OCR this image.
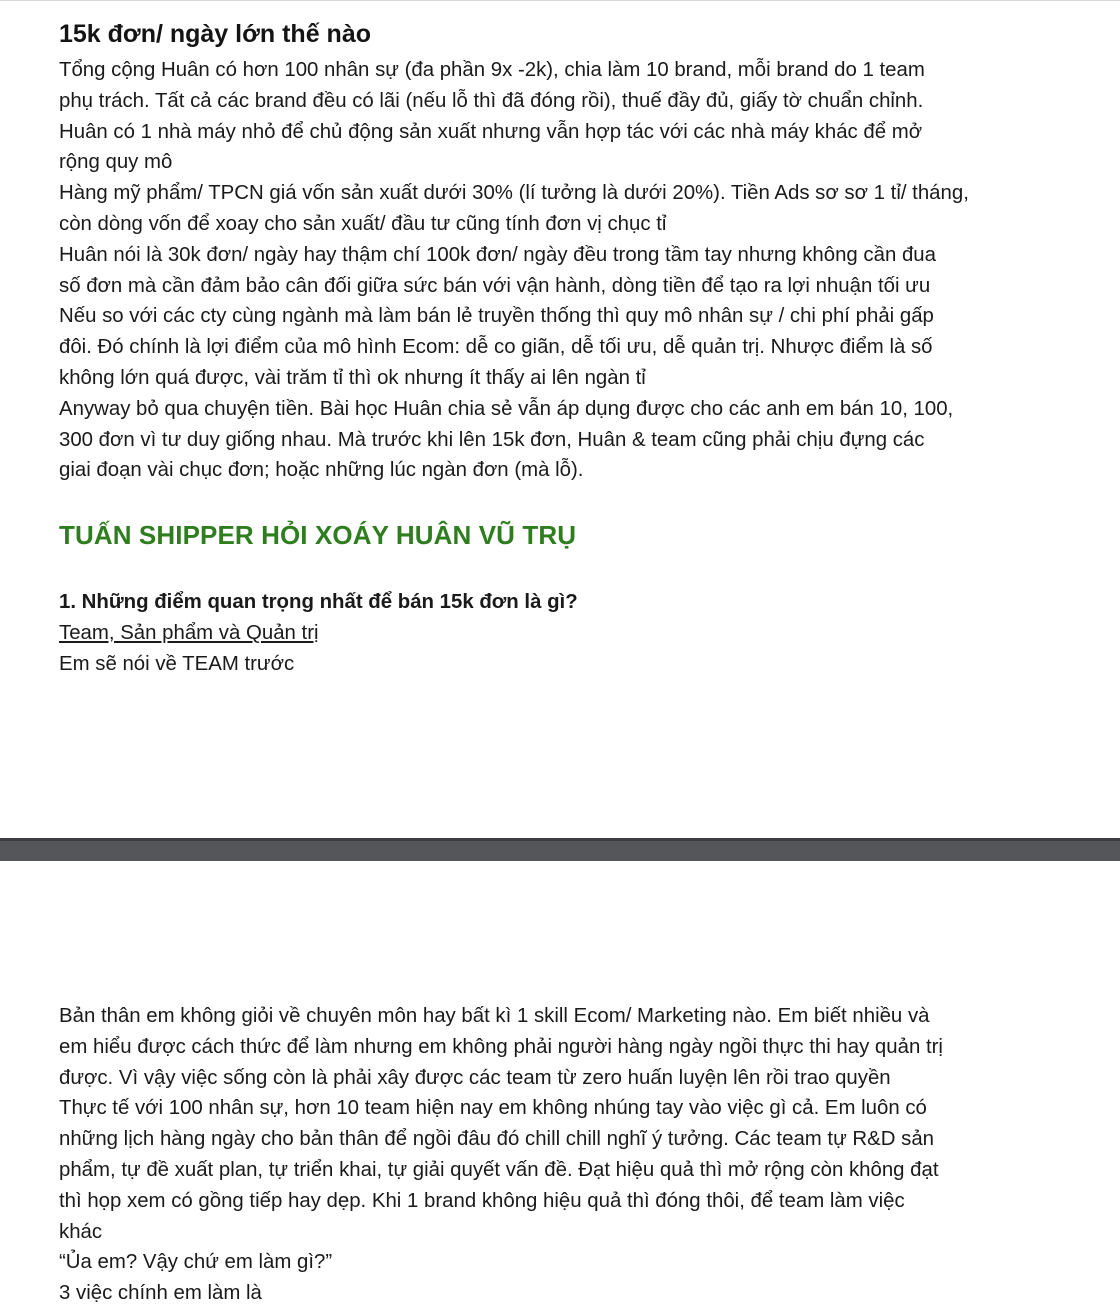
15k đơn/ ngày lớn thế nào
Tổng cộng Huân có hơn 100 nhân sự (đa phần 9x -2k), chia làm 10 brand, mỗi brand do 1 team
phụ trách. Tất cả các brand đều có lãi (nếu lỗ thì đã đóng rồi), thuế đầy đủ, giấy tờ chuẩn chỉnh.
Huân có 1 nhà máy nhỏ để chủ động sản xuất nhưng vẫn hợp tác với các nhà máy khác để mở
rộng quy mô
Hàng mỹ phẩm/ TPCN giá vốn sản xuất dưới 30% (lí tưởng là dưới 20%). Tiền Ads sơ sơ 1 tỉ/ tháng,
còn dòng vốn để xoay cho sản xuất/ đầu tư cũng tính đơn vị chục tỉ
Huân nói là 30k đơn/ ngày hay thậm chí 100k đơn/ ngày đều trong tầm tay nhưng không cần đua
số đơn mà cần đảm bảo cân đối giữa sức bán với vận hành, dòng tiền để tạo ra lợi nhuận tối ưu
Nếu so với các cty cùng ngành mà làm bán lẻ truyền thống thì quy mô nhân sự / chi phí phải gấp
đôi. Đó chính là lợi điểm của mô hình Ecom: dễ co giãn, dễ tối ưu, dễ quản trị. Nhược điểm là số
không lớn quá được, vài trăm tỉ thì ok nhưng ít thấy ai lên ngàn tỉ
Anyway bỏ qua chuyện tiền. Bài học Huân chia sẻ vẫn áp dụng được cho các anh em bán 10, 100,
300 đơn vì tư duy giống nhau. Mà trước khi lên 15k đơn, Huân & team cũng phải chịu đựng các
giai đoạn vài chục đơn; hoặc những lúc ngàn đơn (mà lỗ).
TUẤN SHIPPER HỎI XOÁY HUÂN VŨ TRỤ

1. Những điểm quan trọng nhất để bán 15k đơn là gì?

Team, Sản phẩm và Quản trị
Em sẽ nói về TEAM trước
Bản thân em không giỏi về chuyên môn hay bất kì 1 skill Ecom/ Marketing nào. Em biết nhiều và
em hiểu được cách thức để làm nhưng em không phải người hàng ngày ngồi thực thi hay quản trị
được. Vì vậy việc sống còn là phải xây được các team từ zero huấn luyện lên rồi trao quyền
Thực tế với 100 nhân sự, hơn 10 team hiện nay em không nhúng tay vào việc gì cả. Em luôn có
những lịch hàng ngày cho bản thân để ngồi đâu đó chill chill nghĩ ý tưởng. Các team tự R&D sản
phẩm, tự đề xuất plan, tự triển khai, tự giải quyết vấn đề. Đạt hiệu quả thì mở rộng còn không đạt
thì họp xem có gồng tiếp hay dẹp. Khi 1 brand không hiệu quả thì đóng thôi, để team làm việc
khác
“Ủa em? Vậy chứ em làm gì?”
3 việc chính em làm là
